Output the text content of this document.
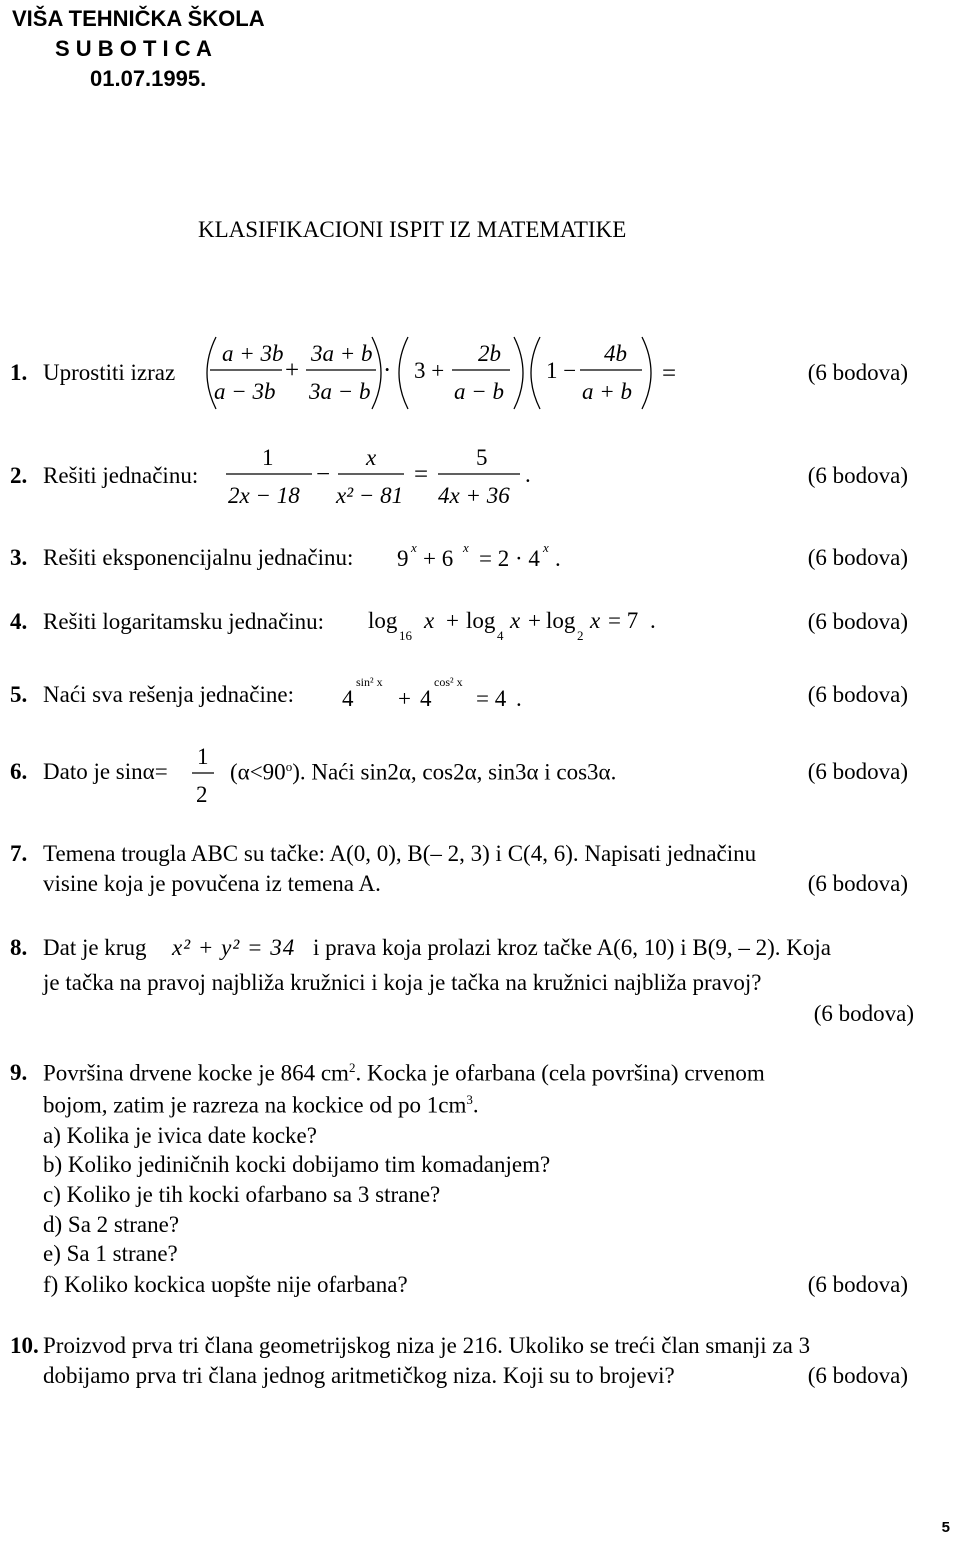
VIŠA TEHNIČKA ŠKOLA
S U B O T I C A
01.07.1995.
KLASIFIKACIONI ISPIT IZ MATEMATIKE
1. Uprostiti izraz
a + 3b
a − 3b
+
3a + b
3a − b
· 3 +
2b
a − b
1 −
4b
a + b
=	(6 bodova)
2. Rešiti jednačinu:
1
2x − 18
−
x
x² − 81
=
5
4x + 36
.	(6 bodova)
3. Rešiti eksponencijalnu jednačinu: 9 x + 6 x = 2 · 4 x .	(6 bodova)
4. Rešiti logaritamsku jednačinu: log
16
x + log
4
x + log
2
x = 7 .	(6 bodova)
5. Naći sva rešenja jednačine: 4
sin² x
+ 4
cos² x
= 4 .	(6 bodova)
6. Dato je sinα=
1
2
$(\alpha<90^o)$. Naći sin2α, cos2α, sin3α i cos3α.	(6 bodova)
7. Temena trougla ABC su tačke: A(0, 0), B(– 2, 3) i C(4, 6). Napisati jednačinu
visine koja je povučena iz temena A.	(6 bodova)
8. Dat je krug x² + y² = 34 i prava koja prolazi kroz tačke A(6, 10) i B(9, – 2). Koja
je tačka na pravoj najbliža kružnici i koja je tačka na kružnici najbliža pravoj?
(6 bodova)
9. Površina drvene kocke je 864 $cm^2$. Kocka je ofarbana (cela površina) crvenom
bojom, zatim je razreza na kockice od po $1cm^3$.
a) Kolika je ivica date kocke?
b) Koliko jediničnih kocki dobijamo tim komadanjem?
c) Koliko je tih kocki ofarbano sa 3 strane?
d) Sa 2 strane?
e) Sa 1 strane?
f) Koliko kockica uopšte nije ofarbana?	(6 bodova)
10. Proizvod prva tri člana geometrijskog niza je 216. Ukoliko se treći član smanji za 3
dobijamo prva tri člana jednog aritmetičkog niza. Koji su to brojevi?	(6 bodova)
5
